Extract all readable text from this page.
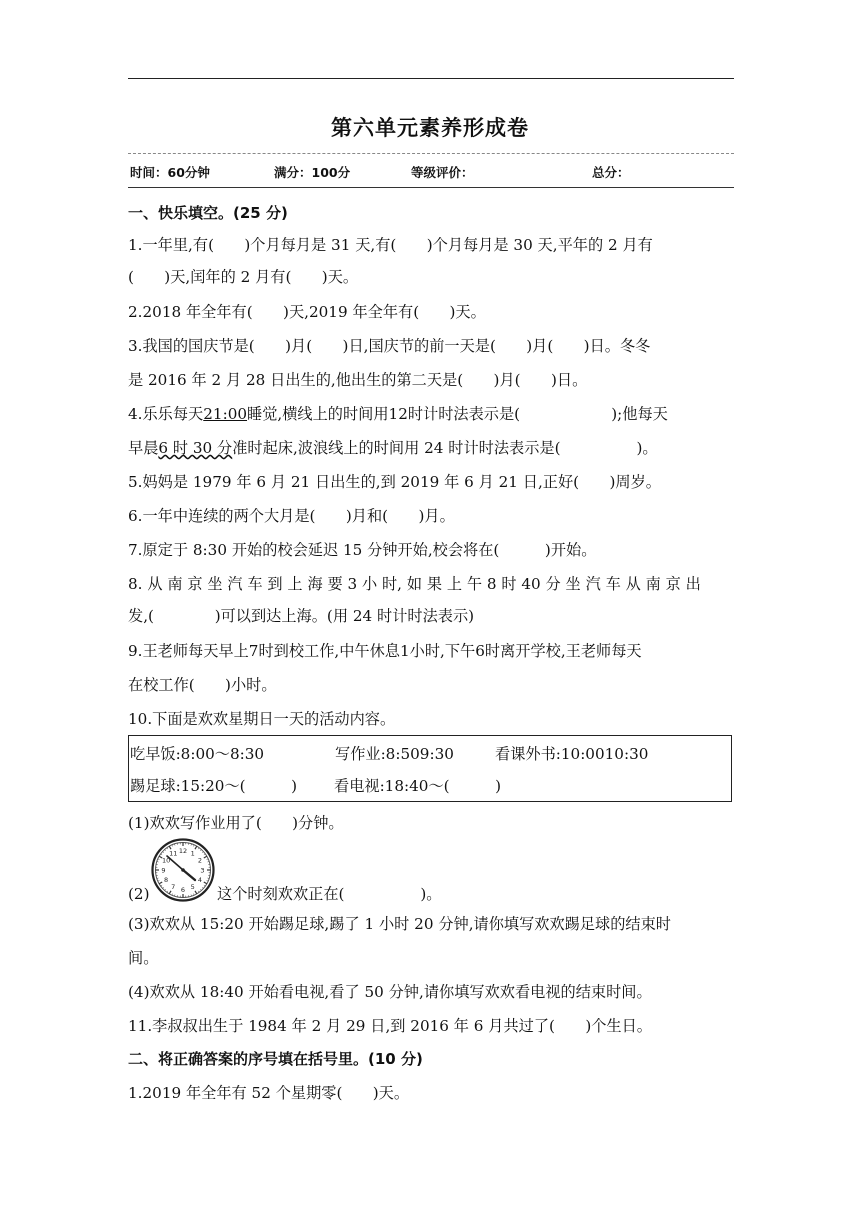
第六单元素养形成卷
时间：60分钟	满分：100分	等级评价：	总分：
一、快乐填空。(25 分)
1.一年里,有(　　)个月每月是 31 天,有(　　)个月每月是 30 天,平年的 2 月有
(　　)天,闰年的 2 月有(　　)天。
2.2018 年全年有(　　)天,2019 年全年有(　　)天。
3.我国的国庆节是(　　)月(　　)日,国庆节的前一天是(　　)月(　　)日。冬冬
是 2016 年 2 月 28 日出生的,他出生的第二天是(　　)月(　　)日。
4.乐乐每天21:00睡觉,横线上的时间用12时计时法表示是(　　　　　　);他每天
早晨6 时 30 分准时起床,波浪线上的时间用 24 时计时法表示是(　　　　　)。
5.妈妈是 1979 年 6 月 21 日出生的,到 2019 年 6 月 21 日,正好(　　)周岁。
6.一年中连续的两个大月是(　　)月和(　　)月。
7.原定于 8:30 开始的校会延迟 15 分钟开始,校会将在(　　　)开始。
8. 从 南 京 坐 汽 车 到 上 海 要 3 小 时, 如 果 上 午 8 时 40 分 坐 汽 车 从 南 京 出
发,(　　　　)可以到达上海。(用 24 时计时法表示)
9.王老师每天早上7时到校工作,中午休息1小时,下午6时离开学校,王老师每天
在校工作(　　)小时。
10.下面是欢欢星期日一天的活动内容。
吃早饭:8:00～8:30	写作业:8:509:30	看课外书:10:0010:30
踢足球:15:20～(　　　) 看电视:18:40～(　　　)
(1)欢欢写作业用了(　　)分钟。
12 1
2
3
4
5
6
7
8
9
10
11
(2)	这个时刻欢欢正在(　　　　　)。
(3)欢欢从 15:20 开始踢足球,踢了 1 小时 20 分钟,请你填写欢欢踢足球的结束时
间。
(4)欢欢从 18:40 开始看电视,看了 50 分钟,请你填写欢欢看电视的结束时间。
11.李叔叔出生于 1984 年 2 月 29 日,到 2016 年 6 月共过了(　　)个生日。
二、将正确答案的序号填在括号里。(10 分)
1.2019 年全年有 52 个星期零(　　)天。
